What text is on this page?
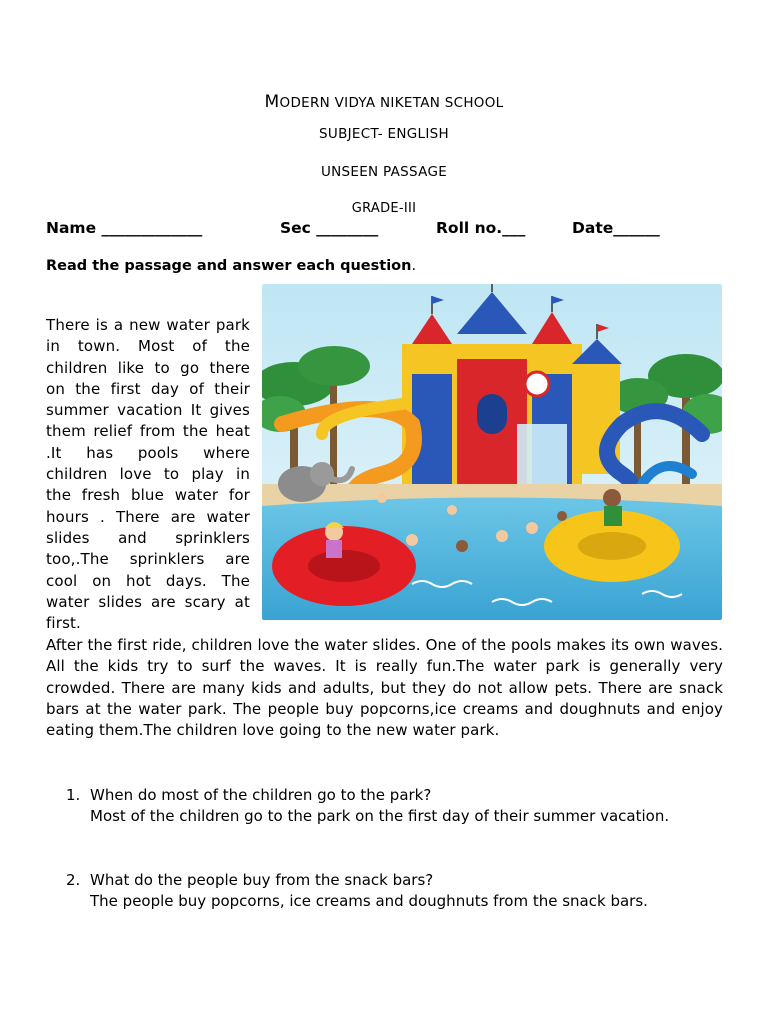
MODERN VIDYA NIKETAN SCHOOL
SUBJECT- ENGLISH
UNSEEN PASSAGE
GRADE-III
Name _____________	Sec ________	Roll no.___	Date______
Read the passage and answer each question.

There is a new water park in town. Most of the children like to go there on the first day of their summer vacation It gives them relief from the heat .It has pools where children love to play in the fresh blue water for hours . There are water slides and sprinklers too,.The sprinklers are cool on hot days. The water slides are scary at first.

After the first ride, children love the water slides. One of the pools makes its own waves. All the kids try to surf the waves. It is really fun.The water park is generally very crowded. There are many kids and adults, but they do not allow pets. There are snack bars at the water park. The people buy popcorns,ice creams and doughnuts and enjoy eating them.The children love going to the new water park.

1. When do most of the children go to the park?
Most of the children go to the park on the first day of their summer vacation.
2. What do the people buy from the snack bars?
The people buy popcorns, ice creams and doughnuts from the snack bars.
